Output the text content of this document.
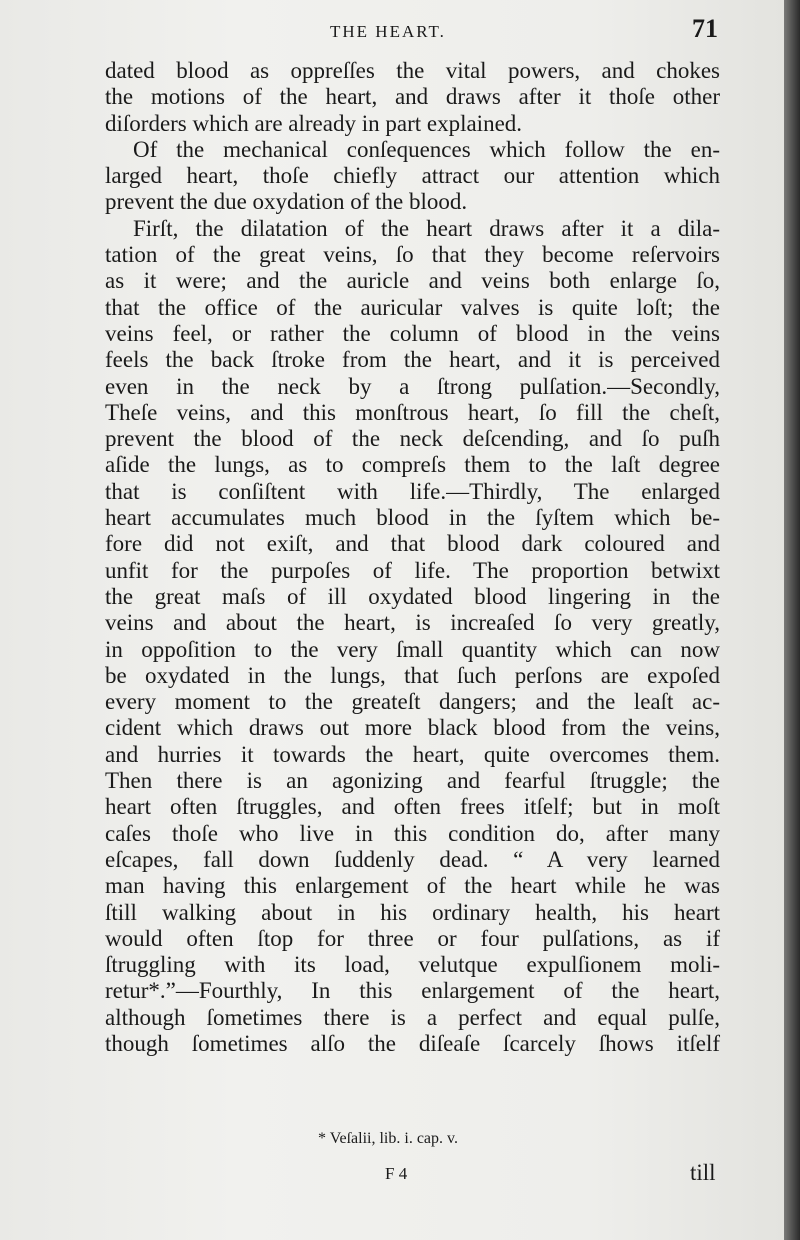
THE HEART.	71
dated blood as oppreſſes the vital powers, and chokes
the motions of the heart, and draws after it thoſe other
diſorders which are already in part explained.
Of the mechanical conſequences which follow the en-
larged heart, thoſe chiefly attract our attention which
prevent the due oxydation of the blood.
Firſt, the dilatation of the heart draws after it a dila-
tation of the great veins, ſo that they become reſervoirs
as it were; and the auricle and veins both enlarge ſo,
that the office of the auricular valves is quite loſt; the
veins feel, or rather the column of blood in the veins
feels the back ſtroke from the heart, and it is perceived
even in the neck by a ſtrong pulſation.—Secondly,
Theſe veins, and this monſtrous heart, ſo fill the cheſt,
prevent the blood of the neck deſcending, and ſo puſh
aſide the lungs, as to compreſs them to the laſt degree
that is conſiſtent with life.—Thirdly, The enlarged
heart accumulates much blood in the ſyſtem which be-
fore did not exiſt, and that blood dark coloured and
unfit for the purpoſes of life. The proportion betwixt
the great maſs of ill oxydated blood lingering in the
veins and about the heart, is increaſed ſo very greatly,
in oppoſition to the very ſmall quantity which can now
be oxydated in the lungs, that ſuch perſons are expoſed
every moment to the greateſt dangers; and the leaſt ac-
cident which draws out more black blood from the veins,
and hurries it towards the heart, quite overcomes them.
Then there is an agonizing and fearful ſtruggle; the
heart often ſtruggles, and often frees itſelf; but in moſt
caſes thoſe who live in this condition do, after many
eſcapes, fall down ſuddenly dead. “ A very learned
man having this enlargement of the heart while he was
ſtill walking about in his ordinary health, his heart
would often ſtop for three or four pulſations, as if
ſtruggling with its load, velutque expulſionem moli-
retur*.”—Fourthly, In this enlargement of the heart,
although ſometimes there is a perfect and equal pulſe,
though ſometimes alſo the diſeaſe ſcarcely ſhows itſelf
* Veſalii, lib. i. cap. v.
F 4	till
